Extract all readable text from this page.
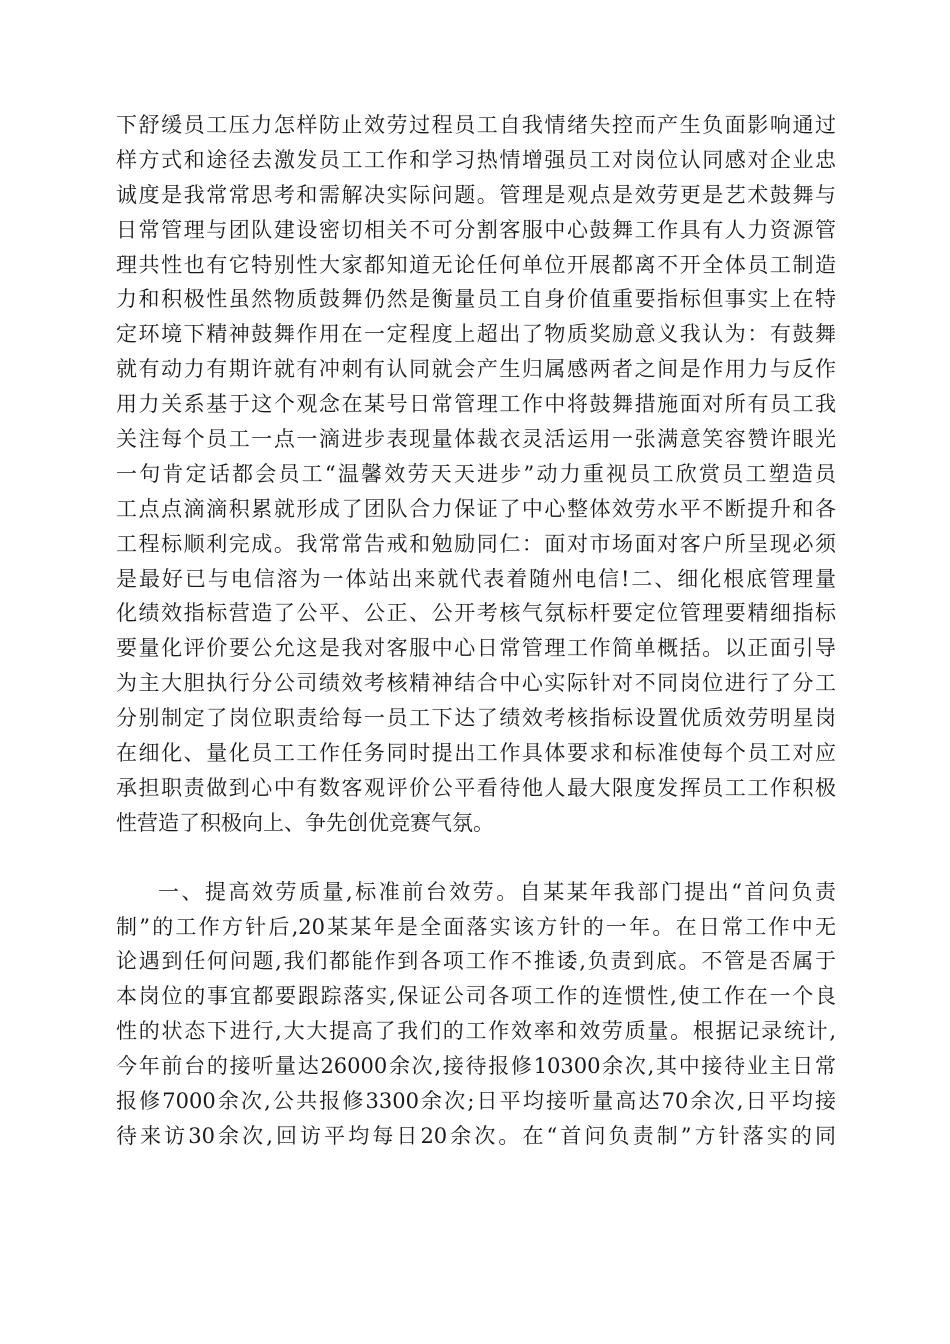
下舒缓员工压力怎样防止效劳过程员工自我情绪失控而产生负面影响通过
样方式和途径去激发员工工作和学习热情增强员工对岗位认同感对企业忠
诚度是我常常思考和需解决实际问题。管理是观点是效劳更是艺术鼓舞与
日常管理与团队建设密切相关不可分割客服中心鼓舞工作具有人力资源管
理共性也有它特别性大家都知道无论任何单位开展都离不开全体员工制造
力和积极性虽然物质鼓舞仍然是衡量员工自身价值重要指标但事实上在特
定环境下精神鼓舞作用在一定程度上超出了物质奖励意义我认为：有鼓舞
就有动力有期许就有冲刺有认同就会产生归属感两者之间是作用力与反作
用力关系基于这个观念在某号日常管理工作中将鼓舞措施面对所有员工我
关注每个员工一点一滴进步表现量体裁衣灵活运用一张满意笑容赞许眼光
一句肯定话都会员工“温馨效劳天天进步”动力重视员工欣赏员工塑造员
工点点滴滴积累就形成了团队合力保证了中心整体效劳水平不断提升和各
工程标顺利完成。我常常告戒和勉励同仁：面对市场面对客户所呈现必须
是最好已与电信溶为一体站出来就代表着随州电信!二、细化根底管理量
化绩效指标营造了公平、公正、公开考核气氛标杆要定位管理要精细指标
要量化评价要公允这是我对客服中心日常管理工作简单概括。以正面引导
为主大胆执行分公司绩效考核精神结合中心实际针对不同岗位进行了分工
分别制定了岗位职责给每一员工下达了绩效考核指标设置优质效劳明星岗
在细化、量化员工工作任务同时提出工作具体要求和标准使每个员工对应
承担职责做到心中有数客观评价公平看待他人最大限度发挥员工工作积极
性营造了积极向上、争先创优竞赛气氛。
一、提高效劳质量,标准前台效劳。自某某年我部门提出“首问负责
制”的工作方针后,20某某年是全面落实该方针的一年。在日常工作中无
论遇到任何问题,我们都能作到各项工作不推诿,负责到底。不管是否属于
本岗位的事宜都要跟踪落实,保证公司各项工作的连惯性,使工作在一个良
性的状态下进行,大大提高了我们的工作效率和效劳质量。根据记录统计,
今年前台的接听量达26000余次,接待报修10300余次,其中接待业主日常
报修7000余次,公共报修3300余次;日平均接听量高达70余次,日平均接
待来访30余次,回访平均每日20余次。在“首问负责制”方针落实的同
